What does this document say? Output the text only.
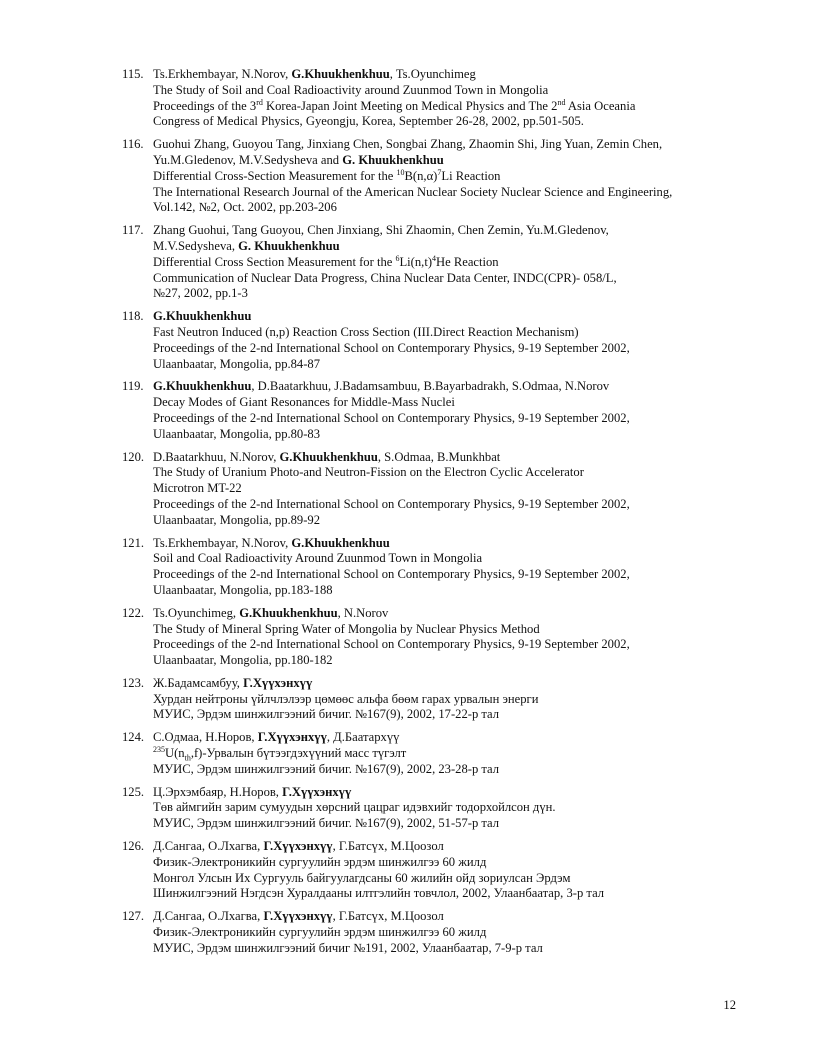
115. Ts.Erkhembayar, N.Norov, G.Khuukhenkhuu, Ts.Oyunchimeg
The Study of Soil and Coal Radioactivity around Zuunmod Town in Mongolia
Proceedings of the 3rd Korea-Japan Joint Meeting on Medical Physics and The 2nd Asia Oceania
Congress of Medical Physics, Gyeongju, Korea, September 26-28, 2002, pp.501-505.
116. Guohui Zhang, Guoyou Tang, Jinxiang Chen, Songbai Zhang, Zhaomin Shi, Jing Yuan, Zemin Chen,
Yu.M.Gledenov, M.V.Sedysheva and G. Khuukhenkhuu
Differential Cross-Section Measurement for the $^{10}B(n,\alpha)^7Li$ Reaction
The International Research Journal of the American Nuclear Society Nuclear Science and Engineering,
Vol.142, №2, Oct. 2002, pp.203-206
117. Zhang Guohui, Tang Guoyou, Chen Jinxiang, Shi Zhaomin, Chen Zemin, Yu.M.Gledenov,
M.V.Sedysheva, G. Khuukhenkhuu
Differential Cross Section Measurement for the $^6Li(n,t)^4He$ Reaction
Communication of Nuclear Data Progress, China Nuclear Data Center, INDC(CPR)- 058/L,
№27, 2002, pp.1-3
118. G.Khuukhenkhuu
Fast Neutron Induced (n,p) Reaction Cross Section (III.Direct Reaction Mechanism)
Proceedings of the 2-nd International School on Contemporary Physics, 9-19 September 2002,
Ulaanbaatar, Mongolia, pp.84-87
119. G.Khuukhenkhuu, D.Baatarkhuu, J.Badamsambuu, B.Bayarbadrakh, S.Odmaa, N.Norov
Decay Modes of Giant Resonances for Middle-Mass Nuclei
Proceedings of the 2-nd International School on Contemporary Physics, 9-19 September 2002,
Ulaanbaatar, Mongolia, pp.80-83
120. D.Baatarkhuu, N.Norov, G.Khuukhenkhuu, S.Odmaa, B.Munkhbat
The Study of Uranium Photo-and Neutron-Fission on the Electron Cyclic Accelerator
Microtron MT-22
Proceedings of the 2-nd International School on Contemporary Physics, 9-19 September 2002,
Ulaanbaatar, Mongolia, pp.89-92
121. Ts.Erkhembayar, N.Norov, G.Khuukhenkhuu
Soil and Coal Radioactivity Around Zuunmod Town in Mongolia
Proceedings of the 2-nd International School on Contemporary Physics, 9-19 September 2002,
Ulaanbaatar, Mongolia, pp.183-188
122. Ts.Oyunchimeg, G.Khuukhenkhuu, N.Norov
The Study of Mineral Spring Water of Mongolia by Nuclear Physics Method
Proceedings of the 2-nd International School on Contemporary Physics, 9-19 September 2002,
Ulaanbaatar, Mongolia, pp.180-182
123. Ж.Бадамсамбуу, Г.Хүүхэнхүү
Хурдан нейтроны үйлчлэлээр цөмөөс альфа бөөм гарах урвалын энерги
МУИС, Эрдэм шинжилгээний бичиг. №167(9), 2002, 17-22-р тал
124. С.Одмаа, Н.Норов, Г.Хүүхэнхүү, Д.Баатархүү
$^{235}U(n_{th},f)$-Урвалын бүтээгдэхүүний масс түгэлт
МУИС, Эрдэм шинжилгээний бичиг. №167(9), 2002, 23-28-р тал
125. Ц.Эрхэмбаяр, Н.Норов, Г.Хүүхэнхүү
Төв аймгийн зарим сумуудын хөрсний цацраг идэвхийг тодорхойлсон дүн.
МУИС, Эрдэм шинжилгээний бичиг. №167(9), 2002, 51-57-р тал
126. Д.Сангаа, О.Лхагва, Г.Хүүхэнхүү, Г.Батсүх, М.Цоозол
Физик-Электроникийн сургуулийн эрдэм шинжилгээ 60 жилд
Монгол Улсын Их Сургууль байгуулагдсаны 60 жилийн ойд зориулсан Эрдэм
Шинжилгээний Нэгдсэн Хуралдааны илтгэлийн товчлол, 2002, Улаанбаатар, 3-р тал
127. Д.Сангаа, О.Лхагва, Г.Хүүхэнхүү, Г.Батсүх, М.Цоозол
Физик-Электроникийн сургуулийн эрдэм шинжилгээ 60 жилд
МУИС, Эрдэм шинжилгээний бичиг №191, 2002, Улаанбаатар, 7-9-р тал
12
